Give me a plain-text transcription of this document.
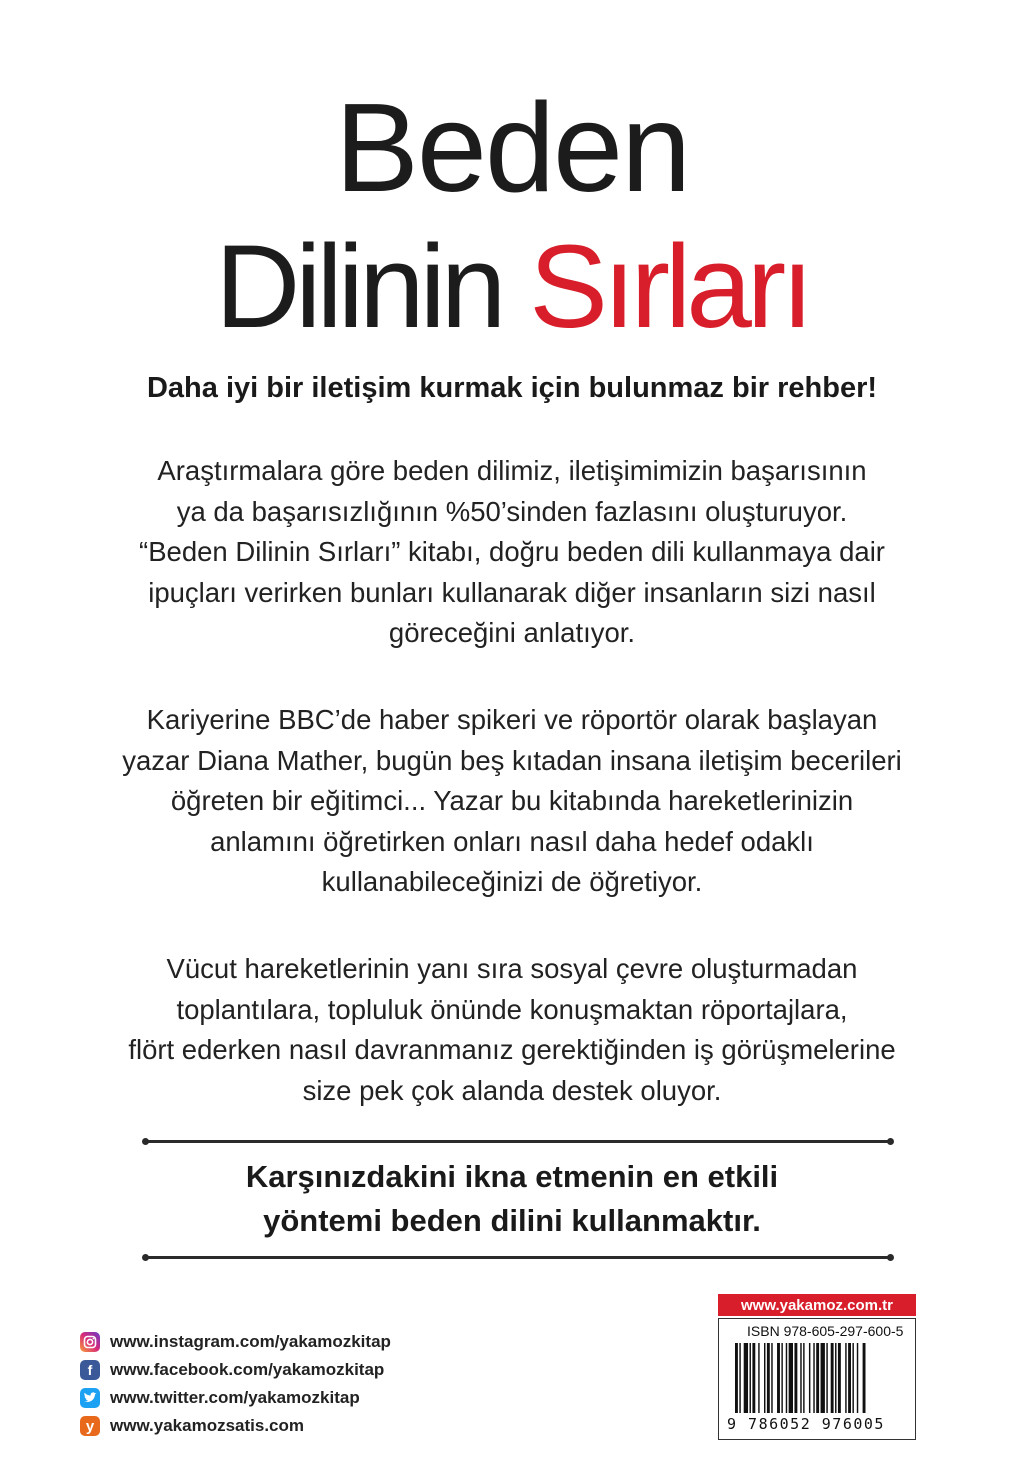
Beden
Dilinin Sırları
Daha iyi bir iletişim kurmak için bulunmaz bir rehber!
Araştırmalara göre beden dilimiz, iletişimimizin başarısının
ya da başarısızlığının %50’sinden fazlasını oluşturuyor.
“Beden Dilinin Sırları” kitabı, doğru beden dili kullanmaya dair
ipuçları verirken bunları kullanarak diğer insanların sizi nasıl
göreceğini anlatıyor.
Kariyerine BBC’de haber spikeri ve röportör olarak başlayan
yazar Diana Mather, bugün beş kıtadan insana iletişim becerileri
öğreten bir eğitimci... Yazar bu kitabında hareketlerinizin
anlamını öğretirken onları nasıl daha hedef odaklı
kullanabileceğinizi de öğretiyor.
Vücut hareketlerinin yanı sıra sosyal çevre oluşturmadan
toplantılara, topluluk önünde konuşmaktan röportajlara,
flört ederken nasıl davranmanız gerektiğinden iş görüşmelerine
size pek çok alanda destek oluyor.
Karşınızdakini ikna etmenin en etkili
yöntemi beden dilini kullanmaktır.
www.instagram.com/yakamozkitap
f	www.facebook.com/yakamozkitap
www.twitter.com/yakamozkitap
y www.yakamozsatis.com
www.yakamoz.com.tr
ISBN 978-605-297-600-5
9 786052 976005
